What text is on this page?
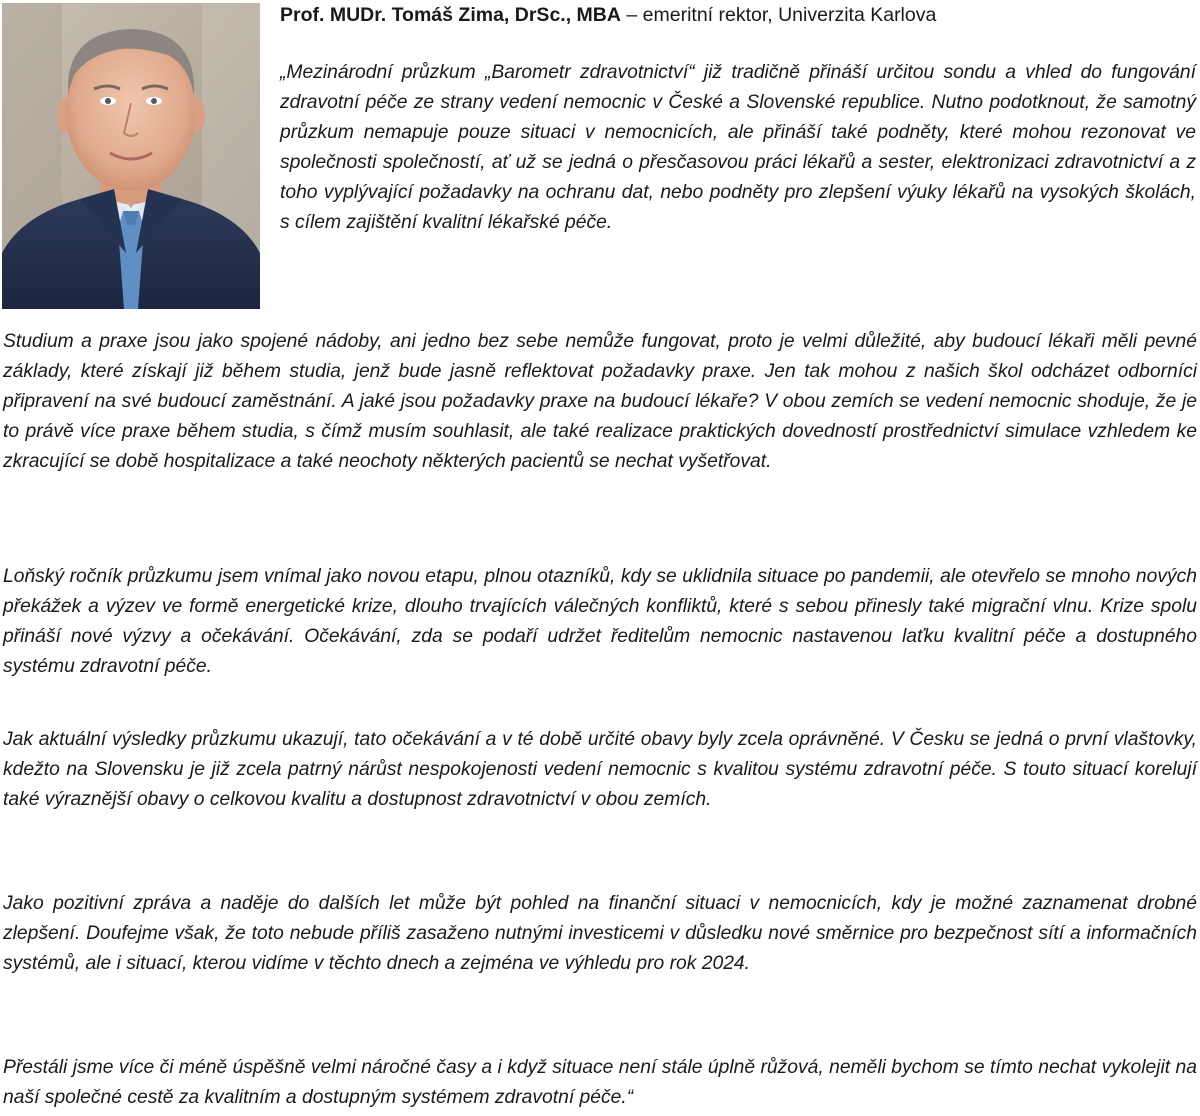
Prof. MUDr. Tomáš Zima, DrSc., MBA – emeritní rektor, Univerzita Karlova
„Mezinárodní průzkum „Barometr zdravotnictví“ již tradičně přináší určitou sondu a vhled do fungování zdravotní péče ze strany vedení nemocnic v České a Slovenské republice. Nutno podotknout, že samotný průzkum nemapuje pouze situaci v nemocnicích, ale přináší také podněty, které mohou rezonovat ve společnosti společností, ať už se jedná o přesčasovou práci lékařů a sester, elektronizaci zdravotnictví a z toho vyplývající požadavky na ochranu dat, nebo podněty pro zlepšení výuky lékařů na vysokých školách, s cílem zajištění kvalitní lékařské péče.
Studium a praxe jsou jako spojené nádoby, ani jedno bez sebe nemůže fungovat, proto je velmi důležité, aby budoucí lékaři měli pevné základy, které získají již během studia, jenž bude jasně reflektovat požadavky praxe. Jen tak mohou z našich škol odcházet odborníci připravení na své budoucí zaměstnání. A jaké jsou požadavky praxe na budoucí lékaře? V obou zemích se vedení nemocnic shoduje, že je to právě více praxe během studia, s čímž musím souhlasit, ale také realizace praktických dovedností prostřednictví simulace vzhledem ke zkracující se době hospitalizace a také neochoty některých pacientů se nechat vyšetřovat.
Loňský ročník průzkumu jsem vnímal jako novou etapu, plnou otazníků, kdy se uklidnila situace po pandemii, ale otevřelo se mnoho nových překážek a výzev ve formě energetické krize, dlouho trvajících válečných konfliktů, které s sebou přinesly také migrační vlnu. Krize spolu přináší nové výzvy a očekávání. Očekávání, zda se podaří udržet ředitelům nemocnic nastavenou laťku kvalitní péče a dostupného systému zdravotní péče.
Jak aktuální výsledky průzkumu ukazují, tato očekávání a v té době určité obavy byly zcela oprávněné. V Česku se jedná o první vlaštovky, kdežto na Slovensku je již zcela patrný nárůst nespokojenosti vedení nemocnic s kvalitou systému zdravotní péče. S touto situací korelují také výraznější obavy o celkovou kvalitu a dostupnost zdravotnictví v obou zemích.
Jako pozitivní zpráva a naděje do dalších let může být pohled na finanční situaci v nemocnicích, kdy je možné zaznamenat drobné zlepšení. Doufejme však, že toto nebude příliš zasaženo nutnými investicemi v důsledku nové směrnice pro bezpečnost sítí a informačních systémů, ale i situací, kterou vidíme v těchto dnech a zejména ve výhledu pro rok 2024.
Přestáli jsme více či méně úspěšně velmi náročné časy a i když situace není stále úplně růžová, neměli bychom se tímto nechat vykolejit na naší společné cestě za kvalitním a dostupným systémem zdravotní péče.“
